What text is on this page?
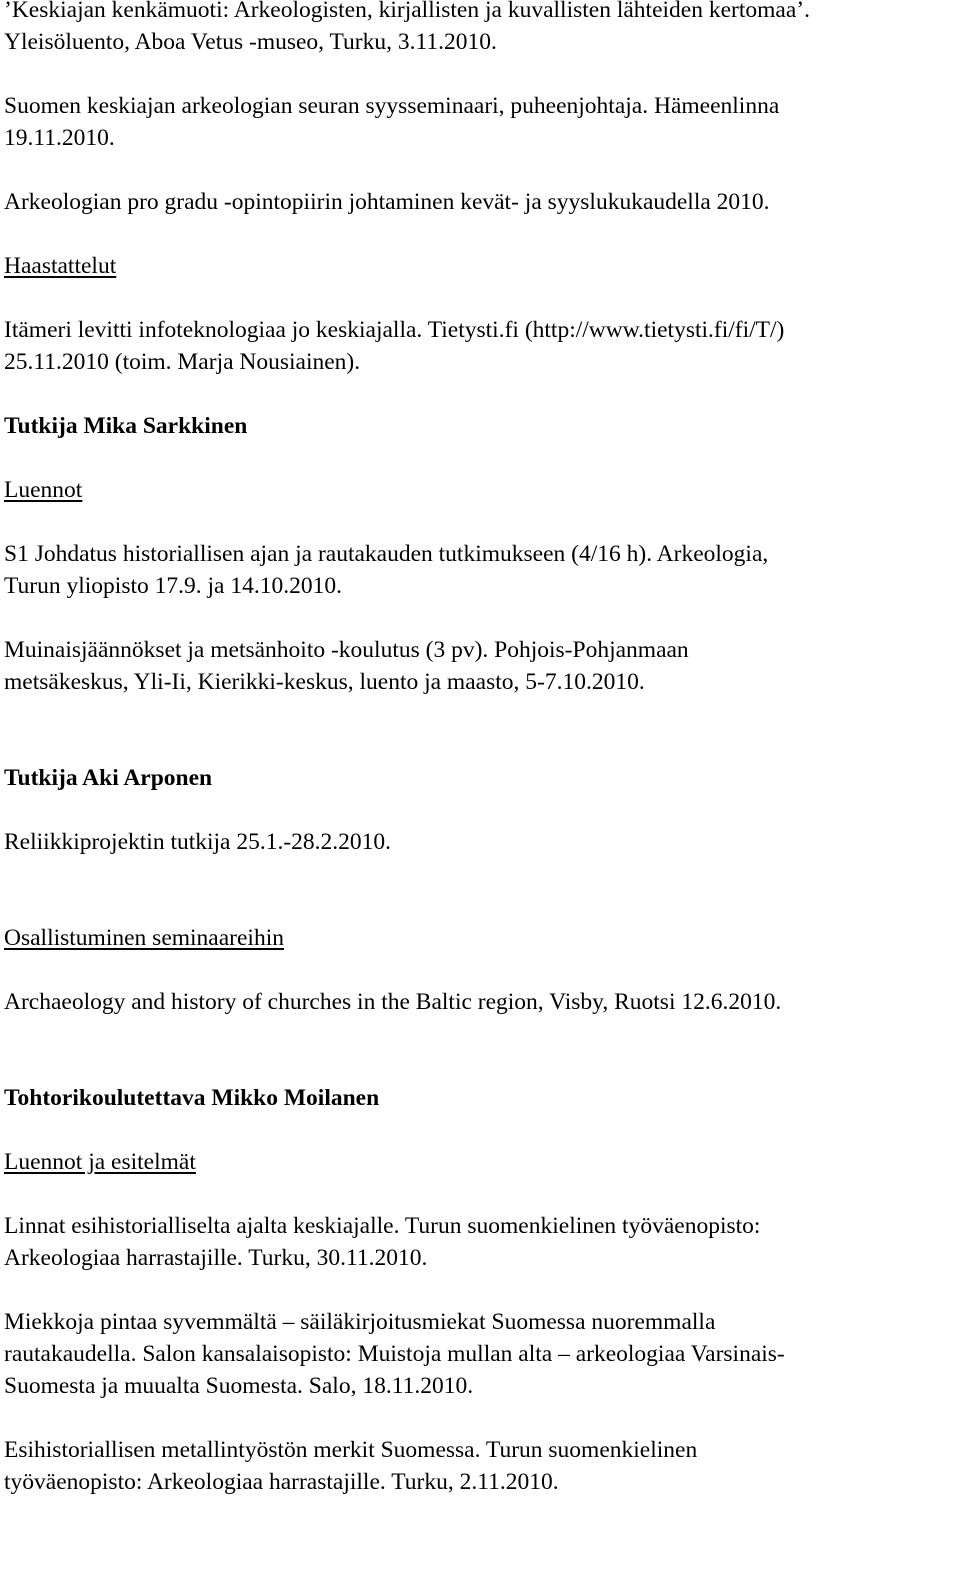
’Keskiajan kenkämuoti: Arkeologisten, kirjallisten ja kuvallisten lähteiden kertomaa’.

Yleisöluento, Aboa Vetus -museo, Turku, 3.11.2010.

Suomen keskiajan arkeologian seuran syysseminaari, puheenjohtaja. Hämeenlinna

19.11.2010.

Arkeologian pro gradu -opintopiirin johtaminen kevät- ja syyslukukaudella 2010.

Haastattelut

Itämeri levitti infoteknologiaa jo keskiajalla. Tietysti.fi (http://www.tietysti.fi/fi/T/)

25.11.2010 (toim. Marja Nousiainen).

Tutkija Mika Sarkkinen

Luennot

S1 Johdatus historiallisen ajan ja rautakauden tutkimukseen (4/16 h). Arkeologia,

Turun yliopisto 17.9. ja 14.10.2010.

Muinaisjäännökset ja metsänhoito -koulutus (3 pv). Pohjois-Pohjanmaan

metsäkeskus, Yli-Ii, Kierikki-keskus, luento ja maasto, 5-7.10.2010.

Tutkija Aki Arponen

Reliikkiprojektin tutkija 25.1.-28.2.2010.

Osallistuminen seminaareihin

Archaeology and history of churches in the Baltic region, Visby, Ruotsi 12.6.2010.

Tohtorikoulutettava Mikko Moilanen

Luennot ja esitelmät

Linnat esihistorialliselta ajalta keskiajalle. Turun suomenkielinen työväenopisto:

Arkeologiaa harrastajille. Turku, 30.11.2010.

Miekkoja pintaa syvemmältä – säiläkirjoitusmiekat Suomessa nuoremmalla

rautakaudella. Salon kansalaisopisto: Muistoja mullan alta – arkeologiaa Varsinais-

Suomesta ja muualta Suomesta. Salo, 18.11.2010.

Esihistoriallisen metallintyöstön merkit Suomessa. Turun suomenkielinen

työväenopisto: Arkeologiaa harrastajille. Turku, 2.11.2010.
